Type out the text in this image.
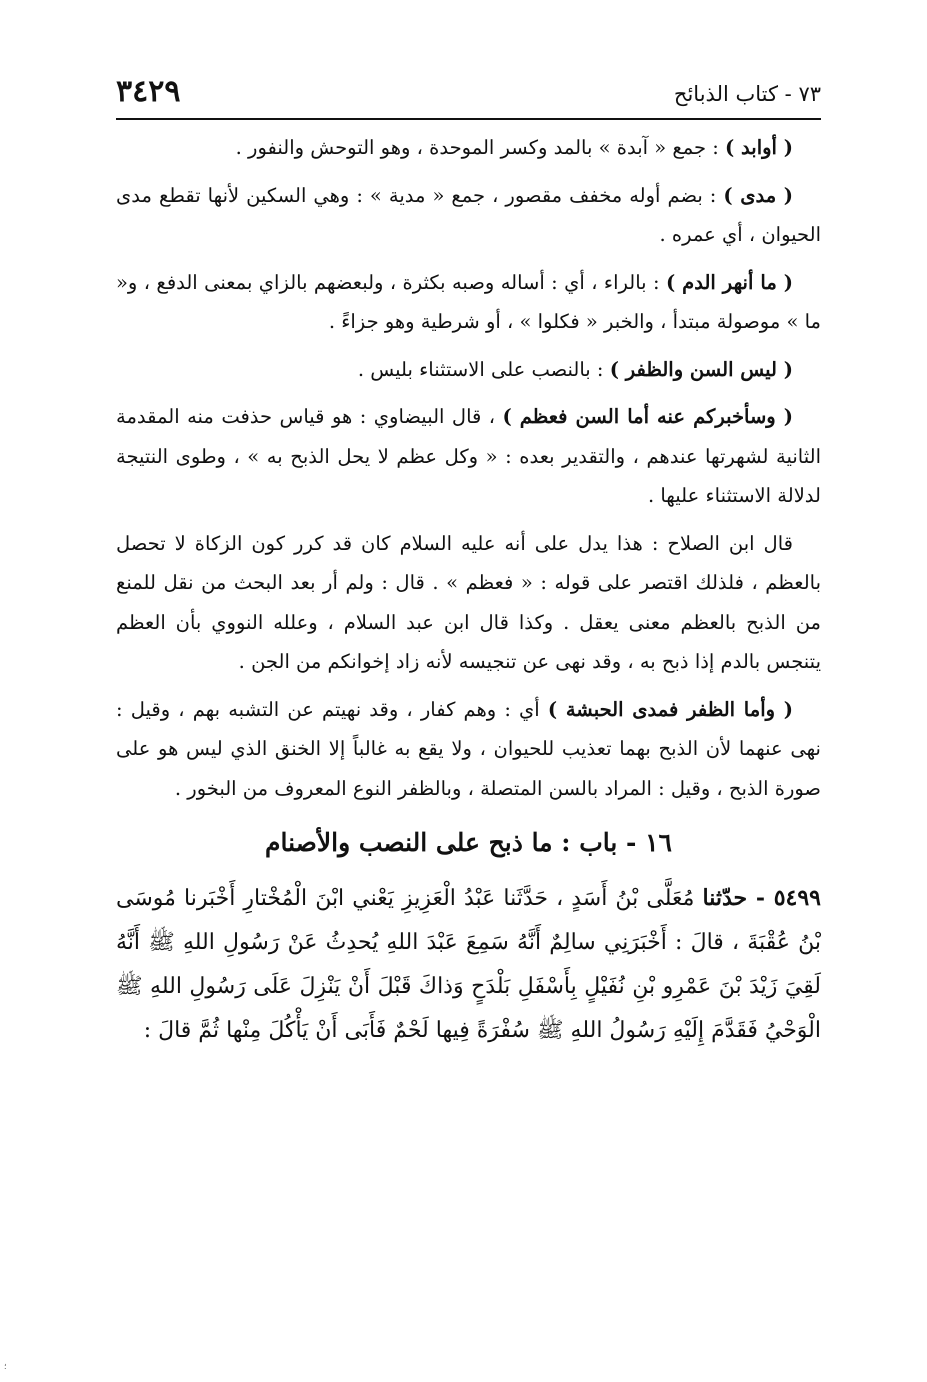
٣٤٢٩	٧٣ - كتاب الذبائح

( أوابد ) : جمع « آبدة » بالمد وكسر الموحدة ، وهو التوحش والنفور .

( مدى ) : بضم أوله مخفف مقصور ، جمع « مدية » : وهي السكين لأنها تقطع مدى الحيوان ، أي عمره .

( ما أنهر الدم ) : بالراء ، أي : أساله وصبه بكثرة ، ولبعضهم بالزاي بمعنى الدفع ، و« ما » موصولة مبتدأ ، والخبر « فكلوا » ، أو شرطية وهو جزاءً .

( ليس السن والظفر ) : بالنصب على الاستثناء بليس .

( وسأخبركم عنه أما السن فعظم ) ، قال البيضاوي : هو قياس حذفت منه المقدمة الثانية لشهرتها عندهم ، والتقدير بعده : « وكل عظم لا يحل الذبح به » ، وطوى النتيجة لدلالة الاستثناء عليها .

قال ابن الصلاح : هذا يدل على أنه عليه السلام كان قد كرر كون الزكاة لا تحصل بالعظم ، فلذلك اقتصر على قوله : « فعظم » . قال : ولم أر بعد البحث من نقل للمنع من الذبح بالعظم معنى يعقل . وكذا قال ابن عبد السلام ، وعلله النووي بأن العظم يتنجس بالدم إذا ذبح به ، وقد نهى عن تنجيسه لأنه زاد إخوانكم من الجن .

( وأما الظفر فمدى الحبشة ) أي : وهم كفار ، وقد نهيتم عن التشبه بهم ، وقيل : نهى عنهما لأن الذبح بهما تعذيب للحيوان ، ولا يقع به غالباً إلا الخنق الذي ليس هو على صورة الذبح ، وقيل : المراد بالسن المتصلة ، وبالظفر النوع المعروف من البخور .

١٦ - باب : ما ذبح على النصب والأصنام

٥٤٩٩ - حدّثنا مُعَلَّى بْنُ أَسَدٍ ، حَدَّثَنا عَبْدُ الْعَزِيزِ يَعْني ابْنَ الْمُخْتارِ أَخْبَرنا مُوسَى بْنُ عُقْبَةَ ، قالَ : أَخْبَرَنِي سالِمٌ أَنَّهُ سَمِعَ عَبْدَ اللهِ يُحدِثُ عَنْ رَسُولِ اللهِ ﷺ أَنَّهُ لَقِيَ زَيْدَ بْنَ عَمْرِو بْنِ نُفَيْلٍ بِأَسْفَلِ بَلْدَحٍ وَذاكَ قَبْلَ أَنْ يَنْزِلَ عَلَى رَسُولِ اللهِ ﷺ الْوَحْيُ فَقَدَّمَ إِلَيْهِ رَسُولُ اللهِ ﷺ سُفْرَةً فِيها لَحْمٌ فَأَبَى أَنْ يَأْكُلَ مِنْها ثُمَّ قالَ :

؛
